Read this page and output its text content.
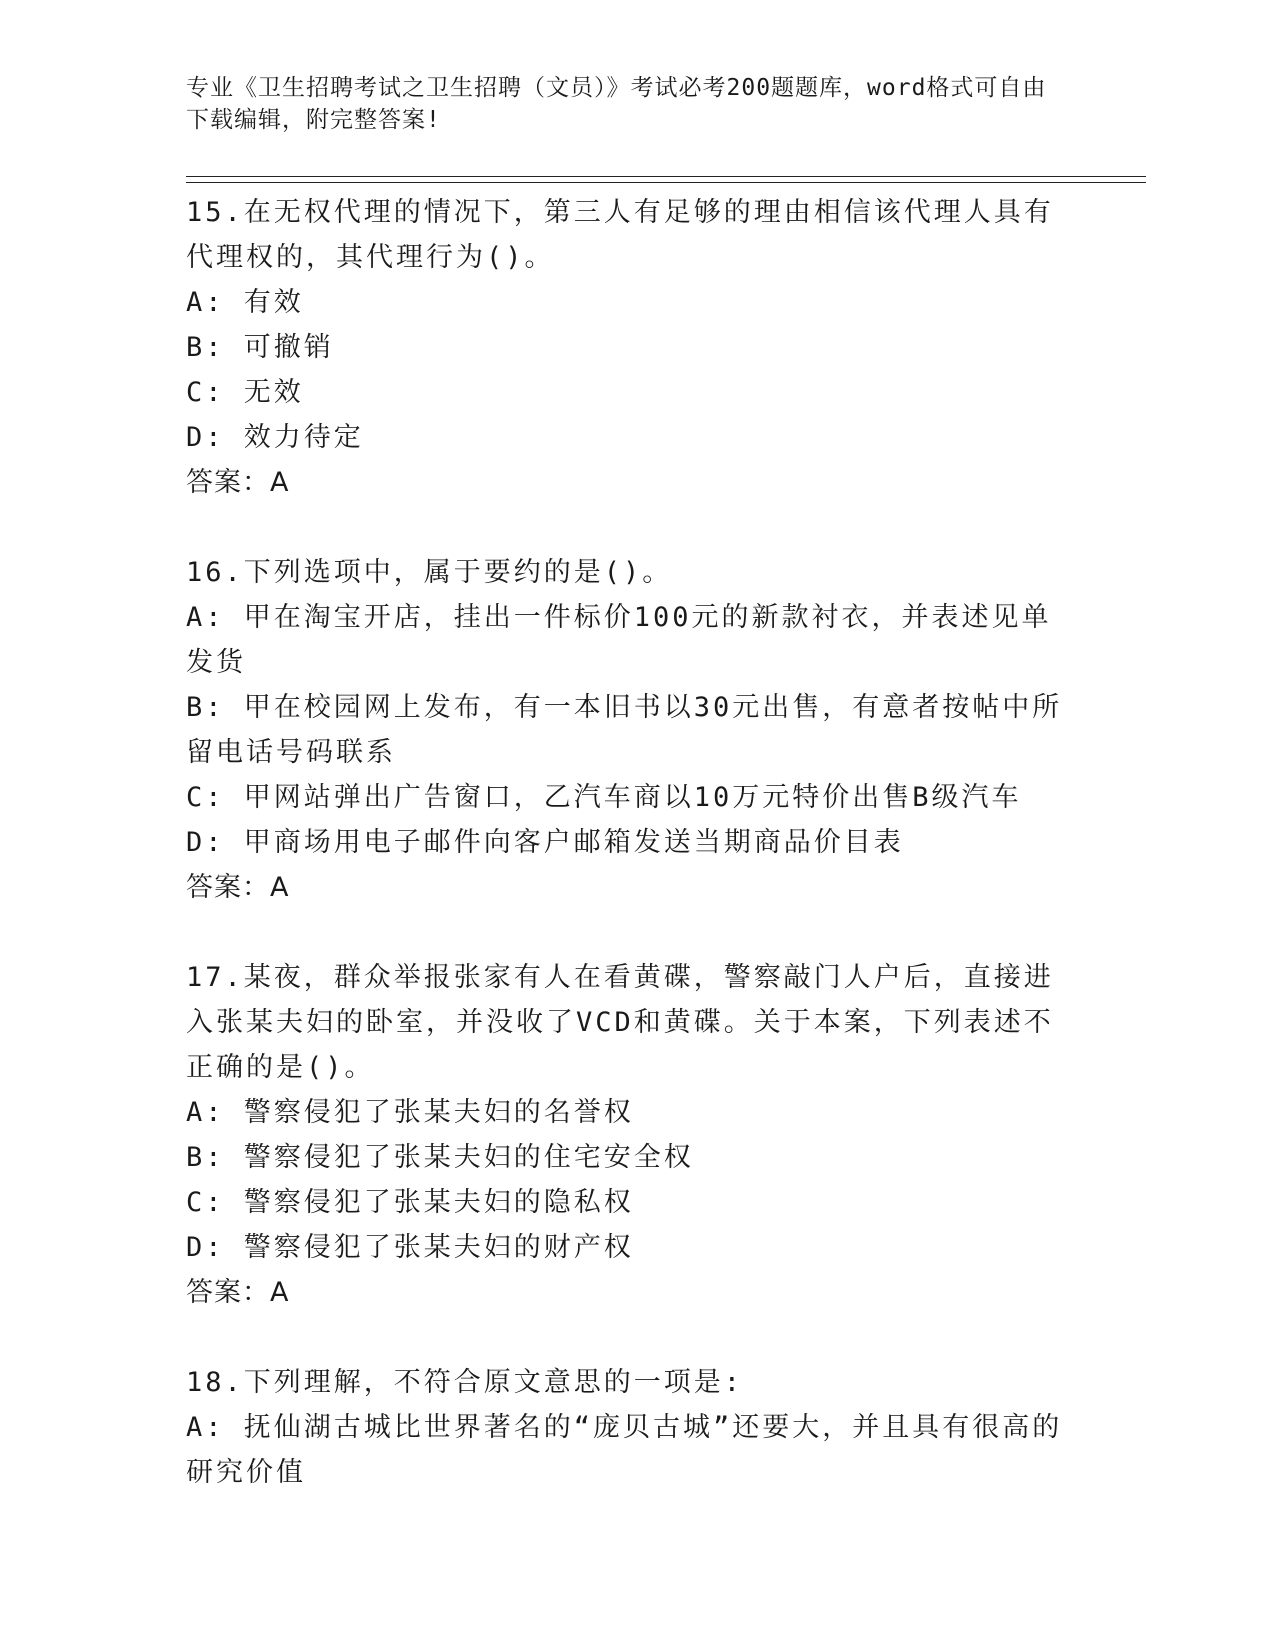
专业《卫生招聘考试之卫生招聘（文员）》考试必考200题题库，word格式可自由下载编辑，附完整答案!

15.在无权代理的情况下，第三人有足够的理由相信该代理人具有代理权的，其代理行为()。

A: 有效

B: 可撤销

C: 无效

D: 效力待定

答案：A

16.下列选项中，属于要约的是()。

A: 甲在淘宝开店，挂出一件标价100元的新款衬衣，并表述见单发货

B: 甲在校园网上发布，有一本旧书以30元出售，有意者按帖中所留电话号码联系

C: 甲网站弹出广告窗口，乙汽车商以10万元特价出售B级汽车

D: 甲商场用电子邮件向客户邮箱发送当期商品价目表

答案：A

17.某夜，群众举报张家有人在看黄碟，警察敲门人户后，直接进入张某夫妇的卧室，并没收了VCD和黄碟。关于本案，下列表述不正确的是()。

A: 警察侵犯了张某夫妇的名誉权

B: 警察侵犯了张某夫妇的住宅安全权

C: 警察侵犯了张某夫妇的隐私权

D: 警察侵犯了张某夫妇的财产权

答案：A

18.下列理解，不符合原文意思的一项是:

A: 抚仙湖古城比世界著名的“庞贝古城”还要大，并且具有很高的研究价值
